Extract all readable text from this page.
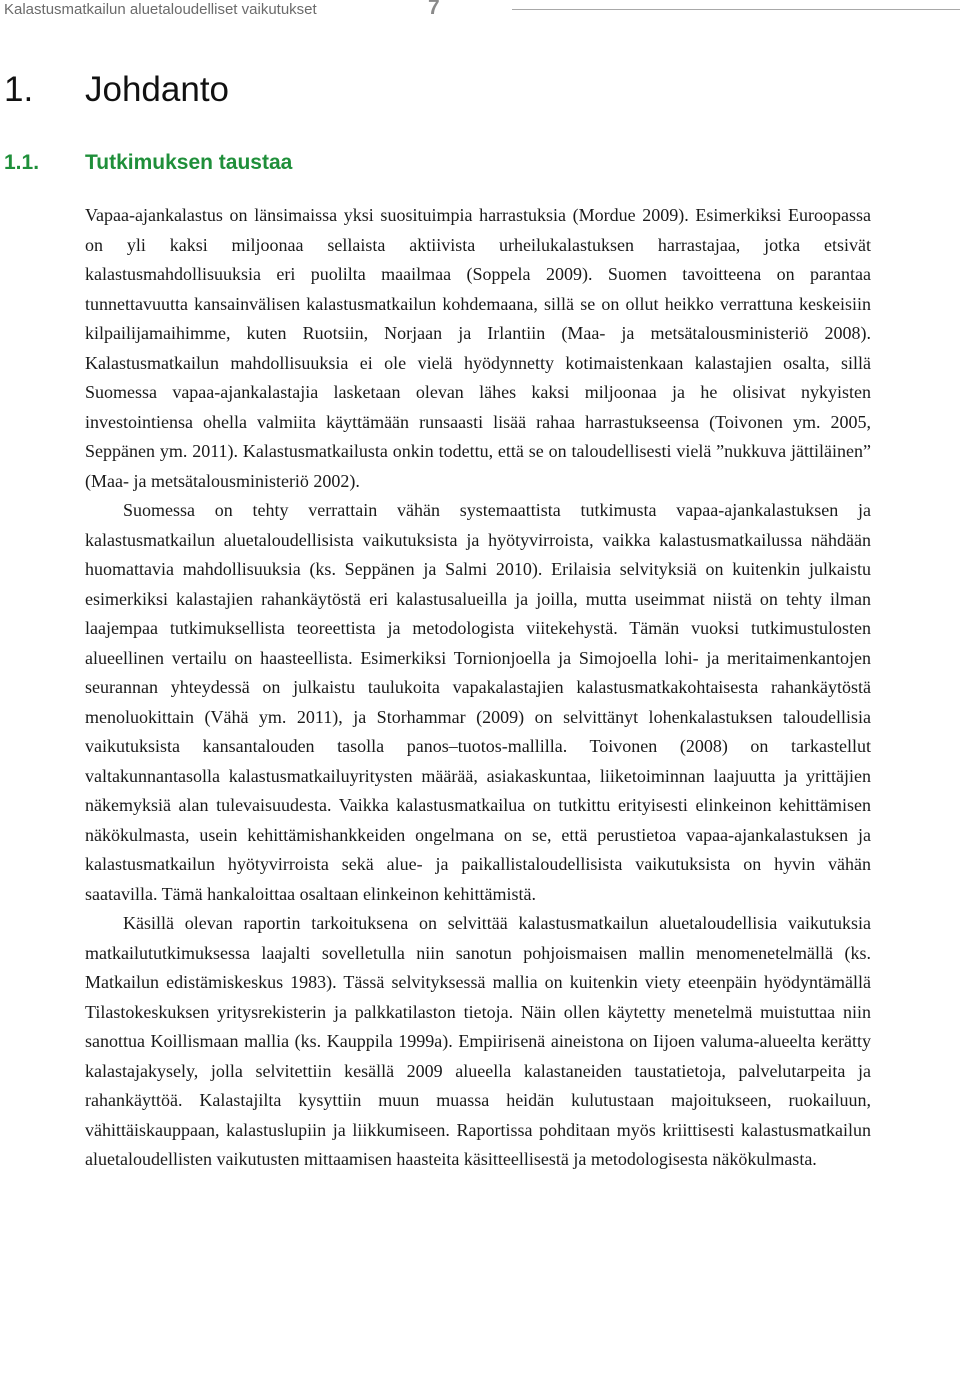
Kalastusmatkailun aluetaloudelliset vaikutukset	7
1. Johdanto
1.1. Tutkimuksen taustaa

Vapaa-ajankalastus on länsimaissa yksi suosituimpia harrastuksia (Mordue 2009). Esimerkiksi Euroopassa on yli kaksi miljoonaa sellaista aktiivista urheilukalastuksen harrastajaa, jotka etsivät kalastusmahdollisuuksia eri puolilta maailmaa (Soppela 2009). Suomen tavoitteena on parantaa tunnettavuutta kansainvälisen kalastusmatkailun kohdemaana, sillä se on ollut heikko verrattuna keskeisiin kilpailijamaihimme, kuten Ruotsiin, Norjaan ja Irlantiin (Maa- ja metsätalousministeriö 2008). Kalastusmatkailun mahdollisuuksia ei ole vielä hyödynnetty kotimaistenkaan kalastajien osalta, sillä Suomessa vapaa-ajankalastajia lasketaan olevan lähes kaksi miljoonaa ja he olisivat nykyisten investointiensa ohella valmiita käyttämään runsaasti lisää rahaa harrastukseensa (Toivonen ym. 2005, Seppänen ym. 2011). Kalastusmatkailusta onkin todettu, että se on taloudellisesti vielä ”nukkuva jättiläinen” (Maa- ja metsätalousministeriö 2002).

Suomessa on tehty verrattain vähän systemaattista tutkimusta vapaa-ajankalastuksen ja kalastusmatkailun aluetaloudellisista vaikutuksista ja hyötyvirroista, vaikka kalastusmatkailussa nähdään huomattavia mahdollisuuksia (ks. Seppänen ja Salmi 2010). Erilaisia selvityksiä on kuitenkin julkaistu esimerkiksi kalastajien rahankäytöstä eri kalastusalueilla ja joilla, mutta useimmat niistä on tehty ilman laajempaa tutkimuksellista teoreettista ja metodologista viitekehystä. Tämän vuoksi tutkimustulosten alueellinen vertailu on haasteellista. Esimerkiksi Tornionjoella ja Simojoella lohi- ja meritaimenkantojen seurannan yhteydessä on julkaistu taulukoita vapakalastajien kalastusmatkakohtaisesta rahankäytöstä menoluokittain (Vähä ym. 2011), ja Storhammar (2009) on selvittänyt lohenkalastuksen taloudellisia vaikutuksista kansantalouden tasolla panos–tuotos-mallilla. Toivonen (2008) on tarkastellut valtakunnantasolla kalastusmatkailuyritysten määrää, asiakaskuntaa, liiketoiminnan laajuutta ja yrittäjien näkemyksiä alan tulevaisuudesta. Vaikka kalastusmatkailua on tutkittu erityisesti elinkeinon kehittämisen näkökulmasta, usein kehittämishankkeiden ongelmana on se, että perustietoa vapaa-ajankalastuksen ja kalastusmatkailun hyötyvirroista sekä alue- ja paikallistaloudellisista vaikutuksista on hyvin vähän saatavilla. Tämä hankaloittaa osaltaan elinkeinon kehittämistä.

Käsillä olevan raportin tarkoituksena on selvittää kalastusmatkailun aluetaloudellisia vaikutuksia matkailututkimuksessa laajalti sovelletulla niin sanotun pohjoismaisen mallin menomenetelmällä (ks. Matkailun edistämiskeskus 1983). Tässä selvityksessä mallia on kuitenkin viety eteenpäin hyödyntämällä Tilastokeskuksen yritysrekisterin ja palkkatilaston tietoja. Näin ollen käytetty menetelmä muistuttaa niin sanottua Koillismaan mallia (ks. Kauppila 1999a). Empiirisenä aineistona on Iijoen valuma-alueelta kerätty kalastajakysely, jolla selvitettiin kesällä 2009 alueella kalastaneiden taustatietoja, palvelutarpeita ja rahankäyttöä. Kalastajilta kysyttiin muun muassa heidän kulutustaan majoitukseen, ruokailuun, vähittäiskauppaan, kalastuslupiin ja liikkumiseen. Raportissa pohditaan myös kriittisesti kalastusmatkailun aluetaloudellisten vaikutusten mittaamisen haasteita käsitteellisestä ja metodologisesta näkökulmasta.
